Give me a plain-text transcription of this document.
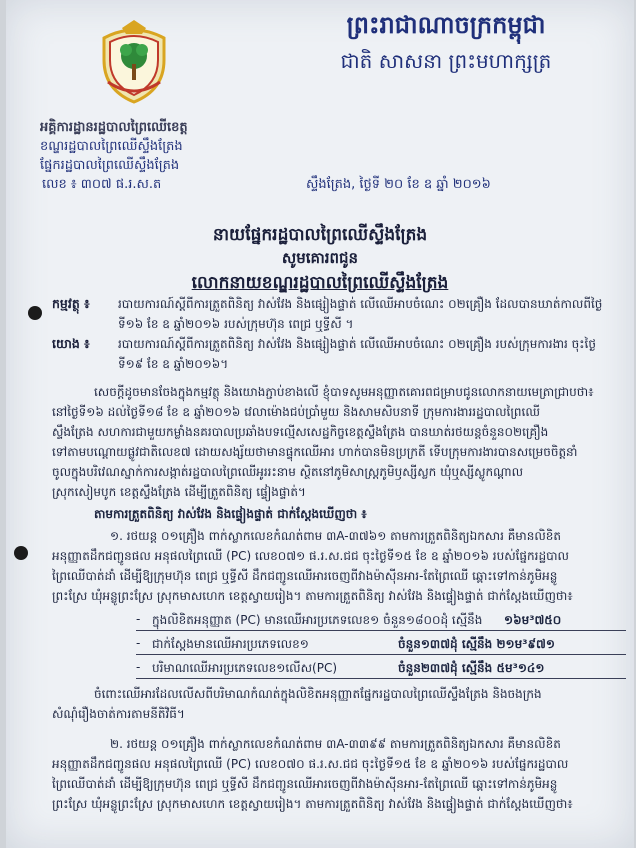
ព្រះរាជាណាចក្រកម្ពុជា
ជាតិ សាសនា ព្រះមហាក្សត្រ
អគ្គិការដ្ឋានរដ្ឋបាលព្រៃឈើខេត្ត
ខណ្ឌរដ្ឋបាលព្រៃឈើស្ទឹងត្រែង
ផ្នែករដ្ឋបាលព្រៃឈើស្ទឹងត្រែង
លេខ ៖ ៣០៧ ផ.រ.ស.ត	ស្ទឹងត្រែង, ថ្ងៃទី ២០ ខែ ឧ ឆ្នាំ ២០១៦
នាយផ្នែករដ្ឋបាលព្រៃឈើស្ទឹងត្រែង
សូមគោរពជូន
លោកនាយខណ្ឌរដ្ឋបាលព្រៃឈើស្ទឹងត្រែង
កម្មវត្ថុ ៖ របាយការណ៍ស្តីពីការត្រួតពិនិត្យ វាស់វែង និងផ្សៀងផ្ទាត់ លើឈើអាបចំណេះ ០២គ្រឿង ដែលបានឃាត់កាលពីថ្ងៃ
ទី១៦ ខែ ឧ ឆ្នាំ២០១៦ របស់ក្រុមហ៊ុន ពេជ្រ ឬទ្ធីសី ។
យោង ៖ របាយការណ៍ស្តីពីការត្រួតពិនិត្យ វាស់វែង និងផ្សៀងផ្ទាត់ លើឈើអាបចំណេះ ០២គ្រឿង របស់ក្រុមការងារ ចុះថ្ងៃ
ទី១៩ ខែ ឧ ឆ្នាំ២០១៦។
សេចក្តីដូចមានចែងក្នុងកម្មវត្ថុ និងយោងភ្ជាប់ខាងលើ ខ្ញុំបាទសូមអនុញ្ញាតគោរពជម្រាបជូនលោកនាយមេត្រាជ្រាបថា៖
នៅថ្ងៃទី១៦ ដល់ថ្ងៃទី១៨ ខែ ឧ ឆ្នាំ២០១៦ វេលាម៉ោងជប់ប្រាំមួយ និងសាមសិបនាទី ក្រុមការងាររដ្ឋបាលព្រៃឈើ
ស្ទឹងត្រែង សហការជាមួយកម្លាំងនគរបាលប្រឆាំងបទល្មើសសេដ្ឋកិច្ចខេត្តស្ទឹងត្រែង បានឃាត់រថយន្តចំនួន០២គ្រឿង
ទៅតាមបណ្តោយផ្លូវជាតិលេខ៧ ដោយសង្ស័យថាមានផ្ទុកឈើអារ ហាក់បានមិនប្រក្រតី ទើបក្រុមការងារបានសម្រេចចិត្តនាំ
ចូលក្នុងបរិវេណស្នាក់ការសង្កាត់រដ្ឋបាលព្រៃឈើអូររះនាម ស្ថិតនៅភូមិសាស្រ្តភូមិឫស្សីស្លក ឃុំឬស្សីស្លូកណ្តាល
ស្រុកសៀមបូក ខេត្តស្ទឹងត្រែង ដើម្បីត្រួតពិនិត្យ ផ្ទៀងផ្ទាត់។
តាមការត្រួតពិនិត្យ វាស់វែង និងផ្ទៀងផ្ទាត់ ជាក់ស្តែងឃើញថា ៖
១. រថយន្ត ០១គ្រឿង ពាក់ស្លាកលេខកំណត់ពាម ៣A-៣៧៦១ តាមការត្រួតពិនិត្យឯកសារ គឺមានលិខិត
អនុញ្ញាតដឹកជញ្ជូនផល អនុផលព្រៃឈើ (PC) លេខ០៧១ ផ.រ.ស.ជជ ចុះថ្ងៃទី១៥ ខែ ឧ ឆ្នាំ២០១៦ របស់ផ្នែករដ្ឋបាល
ព្រៃឈើបាត់ដាំ ដើម្បីឱ្យក្រុមហ៊ុន ពេជ្រ ឬទ្ធីសី ដឹកជញ្ជូនឈើអារចេញពីវាងម៉ាស៊ីនអារ-តែព្រៃឈើ ឆ្ពោះទៅកាន់ភូមិអន្លូ
ព្រះស្រែ ឃុំអន្លូព្រះស្រែ ស្រុកមាសហេក ខេត្តស្វាយរៀង។ តាមការត្រួតពិនិត្យ វាស់វែង និងផ្ទៀងផ្ទាត់ ជាក់ស្តែងឃើញថា៖
- ក្នុងលិខិតអនុញ្ញាត (PC) មានឈើអារប្រភេទលេខ១ ចំនួន១៨០០ដុំ ស្មើនឹង ១៦ម³៧៥០
- ជាក់ស្តែងមានឈើអារប្រភេទលេខ១	ចំនួន១៣៧ដុំ ស្មើនឹង ២១ម³៩៧១
- បរិមាណឈើអារប្រភេទលេខ១លើស(PC)	ចំនួន២៣៧ដុំ ស្មើនឹង ៥ម³១៤១
ចំពោះឈើអារដែលលើសពីបរិមាណកំណត់ក្នុងលិខិតអនុញ្ញាតផ្នែករដ្ឋបាលព្រៃឈើស្ទឹងត្រែង និងចងក្រង
សំណុំរឿងចាត់ការតាមនីតិវិធី។
២. រថយន្ត ០១គ្រឿង ពាក់ស្លាកលេខកំណត់ពាម ៣A-៣៣៩៩ តាមការត្រួតពិនិត្យឯកសារ គឺមានលិខិត
អនុញ្ញាតដឹកជញ្ជូនផល អនុផលព្រៃឈើ (PC) លេខ០៧០ ផ.រ.ស.ជជ ចុះថ្ងៃទី១៥ ខែ ឧ ឆ្នាំ២០១៦ របស់ផ្នែករដ្ឋបាល
ព្រៃឈើបាត់ដាំ ដើម្បីឱ្យក្រុមហ៊ុន ពេជ្រ ឬទ្ធីសី ដឹកជញ្ជូនឈើអារចេញពីវាងម៉ាស៊ីនអារ-តែព្រៃឈើ ឆ្ពោះទៅកាន់ភូមិអន្លូ
ព្រះស្រែ ឃុំអន្លូព្រះស្រែ ស្រុកមាសហេក ខេត្តស្វាយរៀង។ តាមការត្រួតពិនិត្យ វាស់វែង និងផ្ទៀងផ្ទាត់ ជាក់ស្តែងឃើញថា៖
